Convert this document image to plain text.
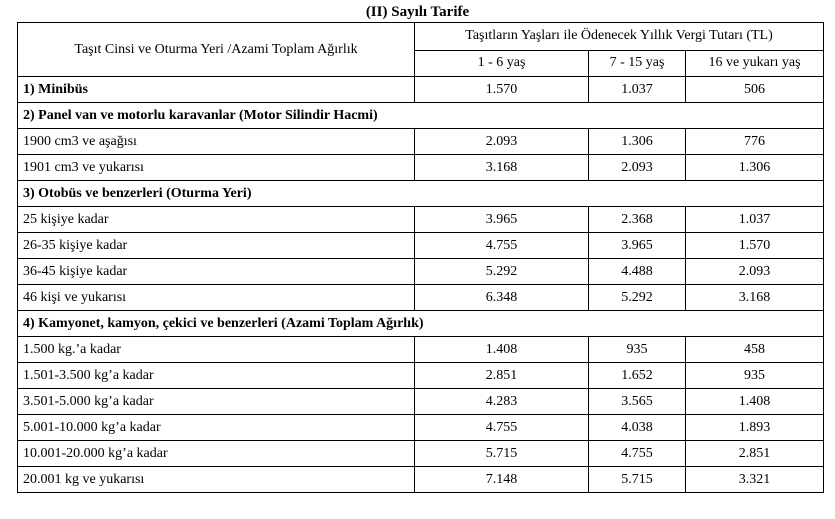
(II) Sayılı Tarife
Taşıt Cinsi ve Oturma Yeri /Azami Toplam Ağırlık	Taşıtların Yaşları ile Ödenecek Yıllık Vergi Tutarı (TL)		
	1 - 6 yaş	7 - 15 yaş	16 ve yukarı yaş
1) Minibüs	1.570	1.037	506
2) Panel van ve motorlu karavanlar (Motor Silindir Hacmi)			
1900 cm3 ve aşağısı	2.093	1.306	776
1901 cm3 ve yukarısı	3.168	2.093	1.306
3) Otobüs ve benzerleri (Oturma Yeri)			
25 kişiye kadar	3.965	2.368	1.037
26-35 kişiye kadar	4.755	3.965	1.570
36-45 kişiye kadar	5.292	4.488	2.093
46 kişi ve yukarısı	6.348	5.292	3.168
4) Kamyonet, kamyon, çekici ve benzerleri (Azami Toplam Ağırlık)			
1.500 kg.’a kadar	1.408	935	458
1.501-3.500 kg’a kadar	2.851	1.652	935
3.501-5.000 kg’a kadar	4.283	3.565	1.408
5.001-10.000 kg’a kadar	4.755	4.038	1.893
10.001-20.000 kg’a kadar	5.715	4.755	2.851
20.001 kg ve yukarısı	7.148	5.715	3.321
